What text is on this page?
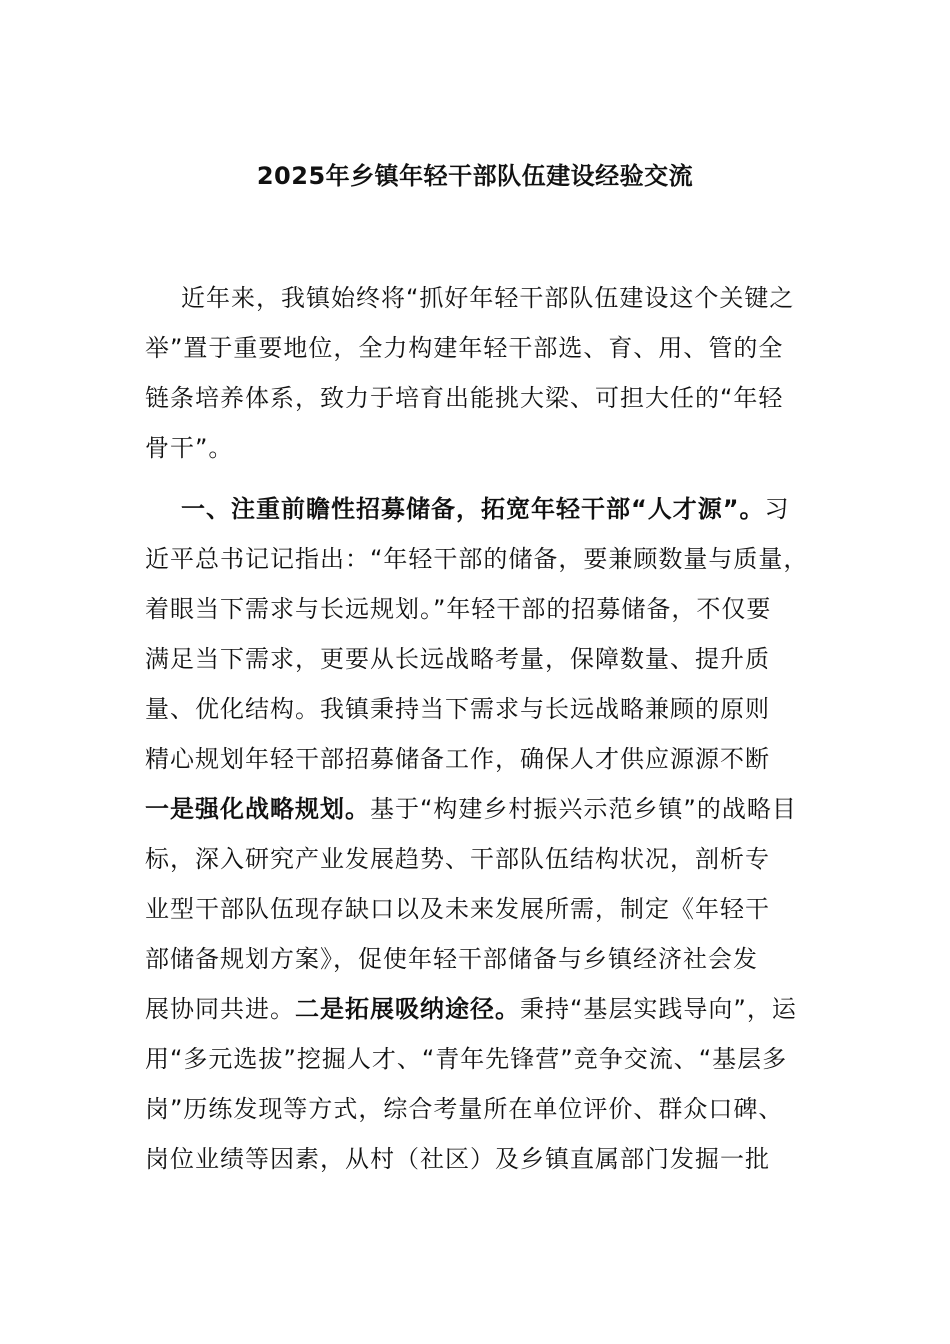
2025年乡镇年轻干部队伍建设经验交流
近年来，我镇始终将“抓好年轻干部队伍建设这个关键之
举”置于重要地位，全力构建年轻干部选、育、用、管的全
链条培养体系，致力于培育出能挑大梁、可担大任的“年轻
骨干”。
一、注重前瞻性招募储备，拓宽年轻干部“人才源”。习
近平总书记记指出：“年轻干部的储备，要兼顾数量与质量，
着眼当下需求与长远规划。”年轻干部的招募储备，不仅要
满足当下需求，更要从长远战略考量，保障数量、提升质
量、优化结构。我镇秉持当下需求与长远战略兼顾的原则
精心规划年轻干部招募储备工作，确保人才供应源源不断
一是强化战略规划。基于“构建乡村振兴示范乡镇”的战略目
标，深入研究产业发展趋势、干部队伍结构状况，剖析专
业型干部队伍现存缺口以及未来发展所需，制定《年轻干
部储备规划方案》，促使年轻干部储备与乡镇经济社会发
展协同共进。二是拓展吸纳途径。秉持“基层实践导向”，运
用“多元选拔”挖掘人才、“青年先锋营”竞争交流、“基层多
岗”历练发现等方式，综合考量所在单位评价、群众口碑、
岗位业绩等因素，从村（社区）及乡镇直属部门发掘一批
